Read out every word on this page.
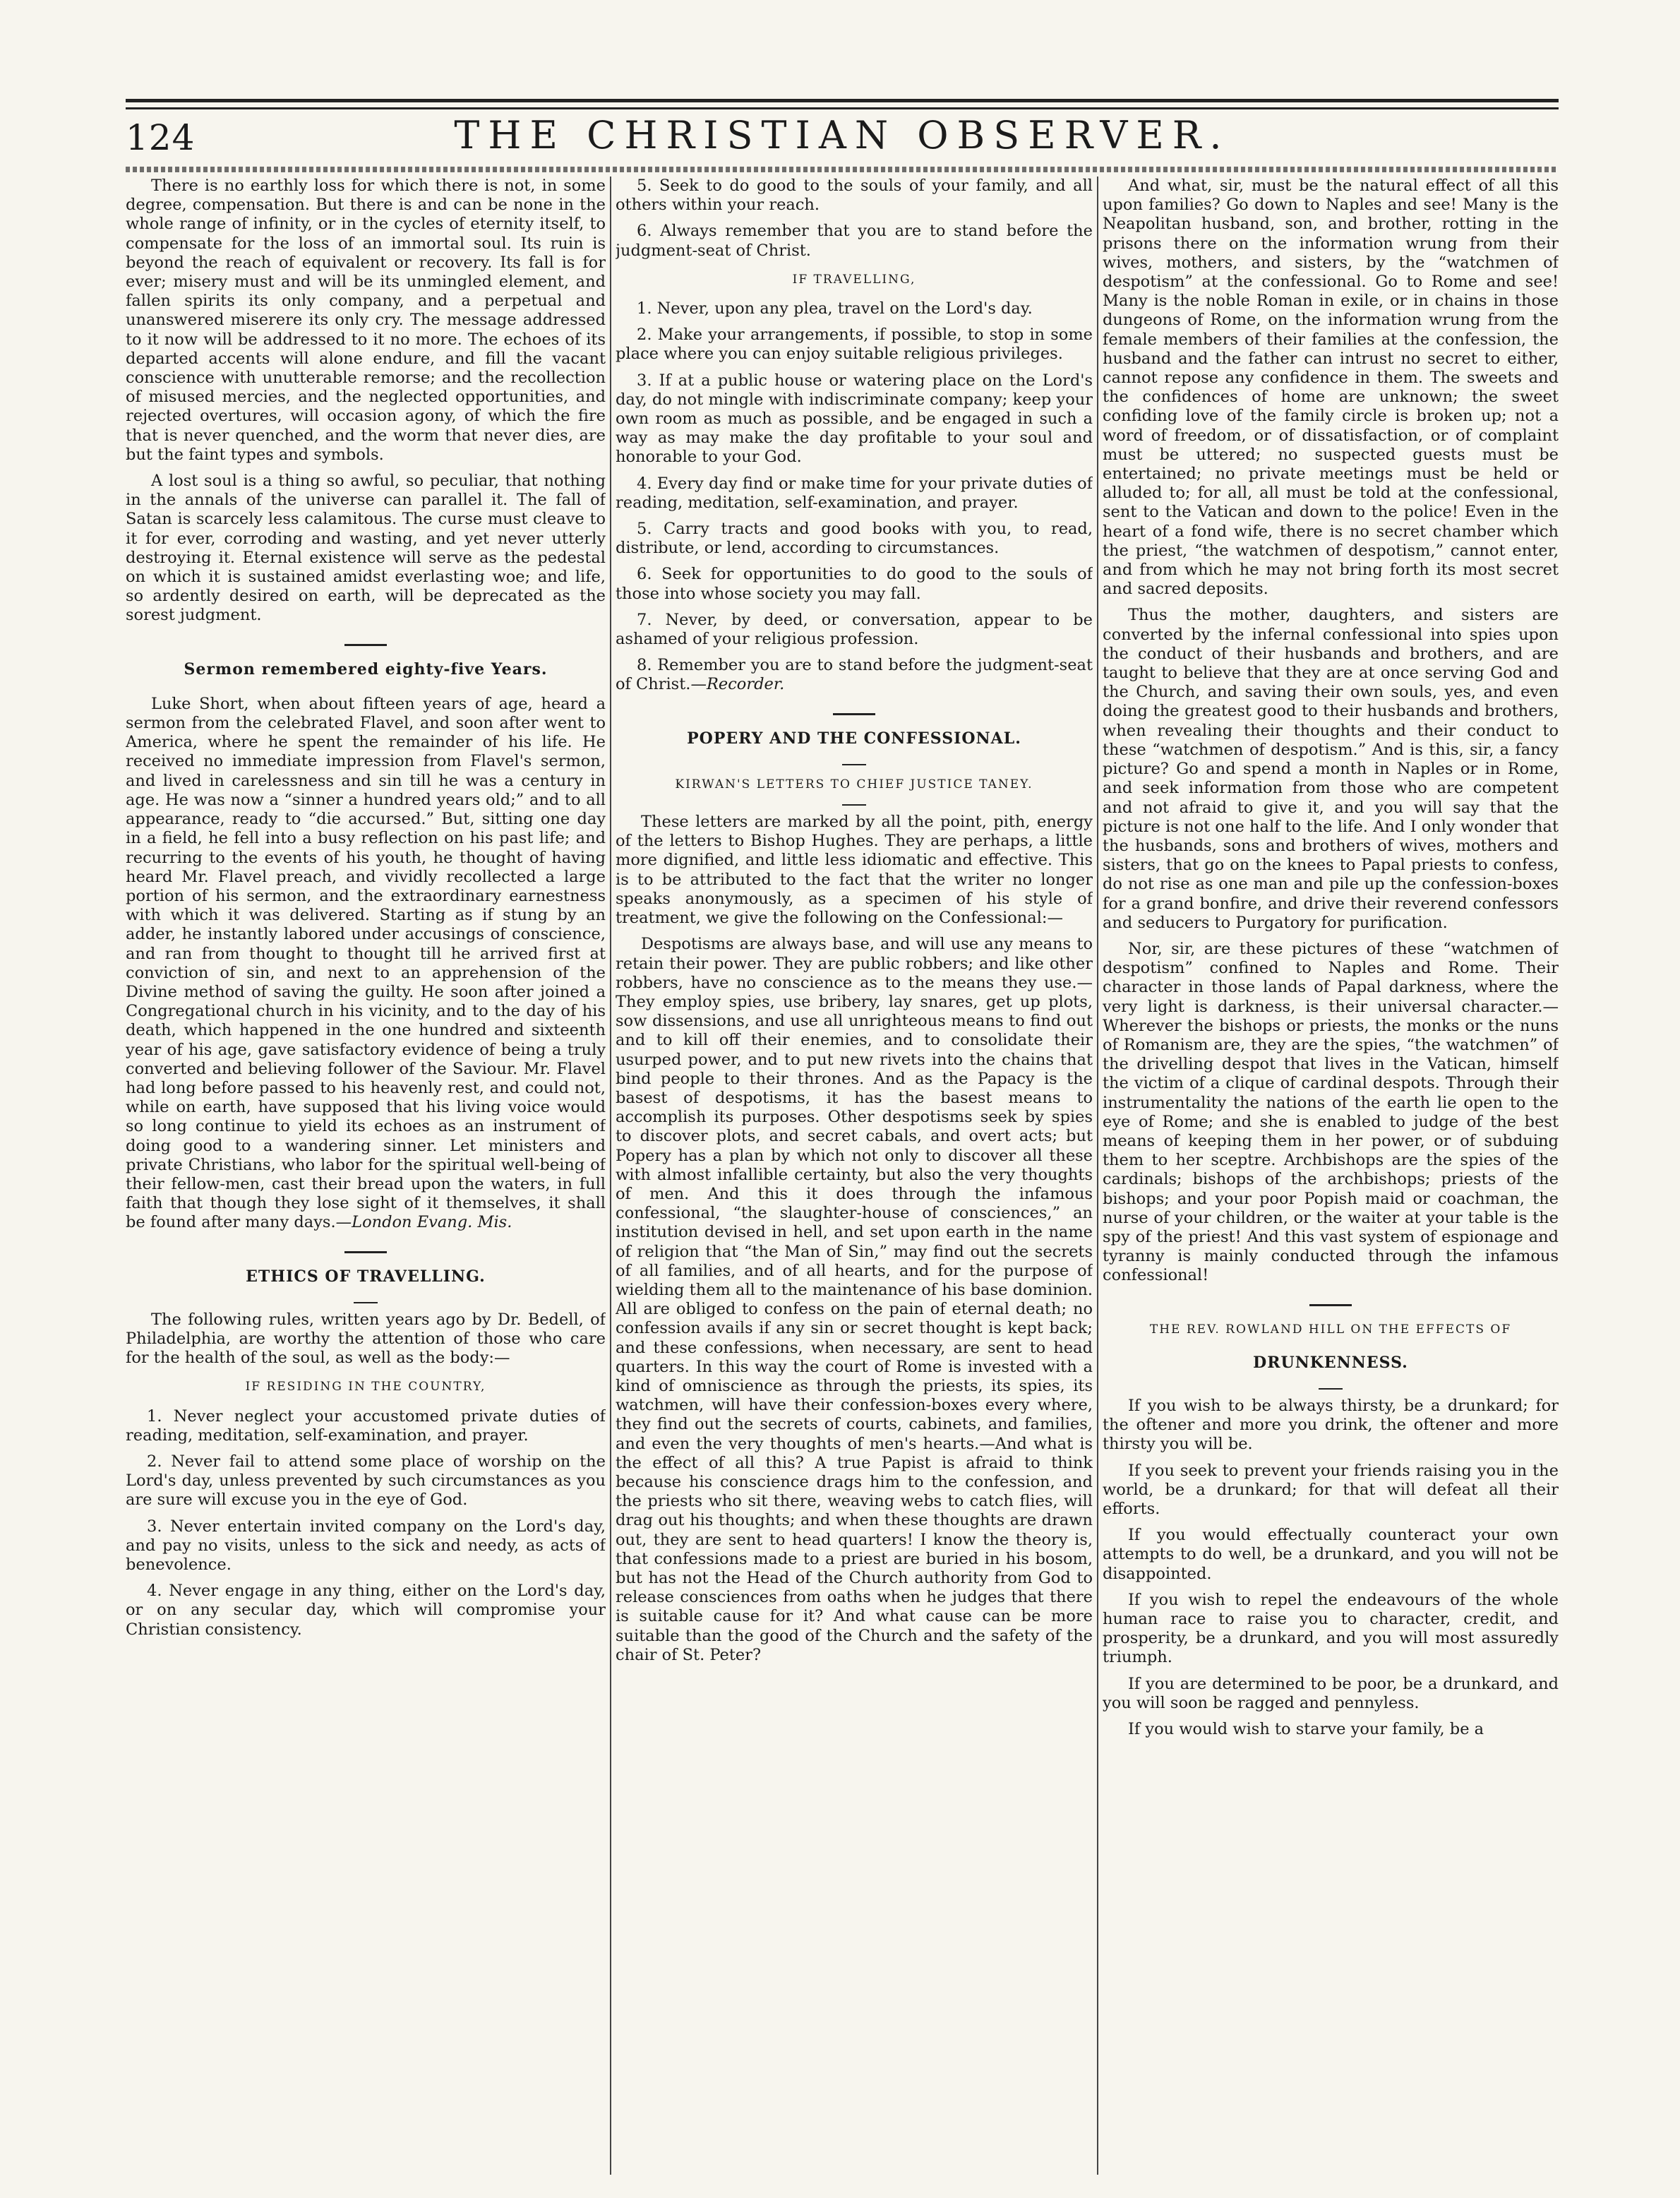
124	THE CHRISTIAN OBSERVER.

There is no earthly loss for which there is not, in some degree, compensation. But there is and can be none in the whole range of infinity, or in the cycles of eternity itself, to compensate for the loss of an immortal soul. Its ruin is beyond the reach of equivalent or recovery. Its fall is for ever; misery must and will be its unmingled element, and fallen spirits its only company, and a perpetual and unanswered miserere its only cry. The message addressed to it now will be addressed to it no more. The echoes of its departed accents will alone endure, and fill the vacant conscience with unutterable remorse; and the recollection of misused mercies, and the neglected opportunities, and rejected overtures, will occasion agony, of which the fire that is never quenched, and the worm that never dies, are but the faint types and symbols.

A lost soul is a thing so awful, so peculiar, that nothing in the annals of the universe can parallel it. The fall of Satan is scarcely less calamitous. The curse must cleave to it for ever, corroding and wasting, and yet never utterly destroying it. Eternal existence will serve as the pedestal on which it is sustained amidst everlasting woe; and life, so ardently desired on earth, will be deprecated as the sorest judgment.

Sermon remembered eighty-five Years.

Luke Short, when about fifteen years of age, heard a sermon from the celebrated Flavel, and soon after went to America, where he spent the remainder of his life. He received no immediate impression from Flavel's sermon, and lived in carelessness and sin till he was a century in age. He was now a “sinner a hundred years old;” and to all appearance, ready to “die accursed.” But, sitting one day in a field, he fell into a busy reflection on his past life; and recurring to the events of his youth, he thought of having heard Mr. Flavel preach, and vividly recollected a large portion of his sermon, and the extraordinary earnestness with which it was delivered. Starting as if stung by an adder, he instantly labored under accusings of conscience, and ran from thought to thought till he arrived first at conviction of sin, and next to an apprehension of the Divine method of saving the guilty. He soon after joined a Congregational church in his vicinity, and to the day of his death, which happened in the one hundred and sixteenth year of his age, gave satisfactory evidence of being a truly converted and believing follower of the Saviour. Mr. Flavel had long before passed to his heavenly rest, and could not, while on earth, have supposed that his living voice would so long continue to yield its echoes as an instrument of doing good to a wandering sinner. Let ministers and private Christians, who labor for the spiritual well-being of their fellow-men, cast their bread upon the waters, in full faith that though they lose sight of it themselves, it shall be found after many days.—London Evang. Mis.

ETHICS OF TRAVELLING.

The following rules, written years ago by Dr. Bedell, of Philadelphia, are worthy the attention of those who care for the health of the soul, as well as the body:—

IF RESIDING IN THE COUNTRY,

1. Never neglect your accustomed private duties of reading, meditation, self-examination, and prayer.

2. Never fail to attend some place of worship on the Lord's day, unless prevented by such circumstances as you are sure will excuse you in the eye of God.

3. Never entertain invited company on the Lord's day, and pay no visits, unless to the sick and needy, as acts of benevolence.

4. Never engage in any thing, either on the Lord's day, or on any secular day, which will compromise your Christian consistency.

5. Seek to do good to the souls of your family, and all others within your reach.

6. Always remember that you are to stand before the judgment-seat of Christ.

IF TRAVELLING,

1. Never, upon any plea, travel on the Lord's day.

2. Make your arrangements, if possible, to stop in some place where you can enjoy suitable religious privileges.

3. If at a public house or watering place on the Lord's day, do not mingle with indiscriminate company; keep your own room as much as possible, and be engaged in such a way as may make the day profitable to your soul and honorable to your God.

4. Every day find or make time for your private duties of reading, meditation, self-examination, and prayer.

5. Carry tracts and good books with you, to read, distribute, or lend, according to circumstances.

6. Seek for opportunities to do good to the souls of those into whose society you may fall.

7. Never, by deed, or conversation, appear to be ashamed of your religious profession.

8. Remember you are to stand before the judgment-seat of Christ.—Recorder.

POPERY AND THE CONFESSIONAL.
KIRWAN'S LETTERS TO CHIEF JUSTICE TANEY.

These letters are marked by all the point, pith, energy of the letters to Bishop Hughes. They are perhaps, a little more dignified, and little less idiomatic and effective. This is to be attributed to the fact that the writer no longer speaks anonymously, as a specimen of his style of treatment, we give the following on the Confessional:—

Despotisms are always base, and will use any means to retain their power. They are public robbers; and like other robbers, have no conscience as to the means they use.—They employ spies, use bribery, lay snares, get up plots, sow dissensions, and use all unrighteous means to find out and to kill off their enemies, and to consolidate their usurped power, and to put new rivets into the chains that bind people to their thrones. And as the Papacy is the basest of despotisms, it has the basest means to accomplish its purposes. Other despotisms seek by spies to discover plots, and secret cabals, and overt acts; but Popery has a plan by which not only to discover all these with almost infallible certainty, but also the very thoughts of men. And this it does through the infamous confessional, “the slaughter-house of consciences,” an institution devised in hell, and set upon earth in the name of religion that “the Man of Sin,” may find out the secrets of all families, and of all hearts, and for the purpose of wielding them all to the maintenance of his base dominion. All are obliged to confess on the pain of eternal death; no confession avails if any sin or secret thought is kept back; and these confessions, when necessary, are sent to head quarters. In this way the court of Rome is invested with a kind of omniscience as through the priests, its spies, its watchmen, will have their confession-boxes every where, they find out the secrets of courts, cabinets, and families, and even the very thoughts of men's hearts.—And what is the effect of all this? A true Papist is afraid to think because his conscience drags him to the confession, and the priests who sit there, weaving webs to catch flies, will drag out his thoughts; and when these thoughts are drawn out, they are sent to head quarters! I know the theory is, that confessions made to a priest are buried in his bosom, but has not the Head of the Church authority from God to release consciences from oaths when he judges that there is suitable cause for it? And what cause can be more suitable than the good of the Church and the safety of the chair of St. Peter?

And what, sir, must be the natural effect of all this upon families? Go down to Naples and see! Many is the Neapolitan husband, son, and brother, rotting in the prisons there on the information wrung from their wives, mothers, and sisters, by the “watchmen of despotism” at the confessional. Go to Rome and see! Many is the noble Roman in exile, or in chains in those dungeons of Rome, on the information wrung from the female members of their families at the confession, the husband and the father can intrust no secret to either, cannot repose any confidence in them. The sweets and the confidences of home are unknown; the sweet confiding love of the family circle is broken up; not a word of freedom, or of dissatisfaction, or of complaint must be uttered; no suspected guests must be entertained; no private meetings must be held or alluded to; for all, all must be told at the confessional, sent to the Vatican and down to the police! Even in the heart of a fond wife, there is no secret chamber which the priest, “the watchmen of despotism,” cannot enter, and from which he may not bring forth its most secret and sacred deposits.

Thus the mother, daughters, and sisters are converted by the infernal confessional into spies upon the conduct of their husbands and brothers, and are taught to believe that they are at once serving God and the Church, and saving their own souls, yes, and even doing the greatest good to their husbands and brothers, when revealing their thoughts and their conduct to these “watchmen of despotism.” And is this, sir, a fancy picture? Go and spend a month in Naples or in Rome, and seek information from those who are competent and not afraid to give it, and you will say that the picture is not one half to the life. And I only wonder that the husbands, sons and brothers of wives, mothers and sisters, that go on the knees to Papal priests to confess, do not rise as one man and pile up the confession-boxes for a grand bonfire, and drive their reverend confessors and seducers to Purgatory for purification.

Nor, sir, are these pictures of these “watchmen of despotism” confined to Naples and Rome. Their character in those lands of Papal darkness, where the very light is darkness, is their universal character.—Wherever the bishops or priests, the monks or the nuns of Romanism are, they are the spies, “the watchmen” of the drivelling despot that lives in the Vatican, himself the victim of a clique of cardinal despots. Through their instrumentality the nations of the earth lie open to the eye of Rome; and she is enabled to judge of the best means of keeping them in her power, or of subduing them to her sceptre. Archbishops are the spies of the cardinals; bishops of the archbishops; priests of the bishops; and your poor Popish maid or coachman, the nurse of your children, or the waiter at your table is the spy of the priest! And this vast system of espionage and tyranny is mainly conducted through the infamous confessional!

THE REV. ROWLAND HILL ON THE EFFECTS OF
DRUNKENNESS.

If you wish to be always thirsty, be a drunkard; for the oftener and more you drink, the oftener and more thirsty you will be.

If you seek to prevent your friends raising you in the world, be a drunkard; for that will defeat all their efforts.

If you would effectually counteract your own attempts to do well, be a drunkard, and you will not be disappointed.

If you wish to repel the endeavours of the whole human race to raise you to character, credit, and prosperity, be a drunkard, and you will most assuredly triumph.

If you are determined to be poor, be a drunkard, and you will soon be ragged and pennyless.

If you would wish to starve your family, be a
